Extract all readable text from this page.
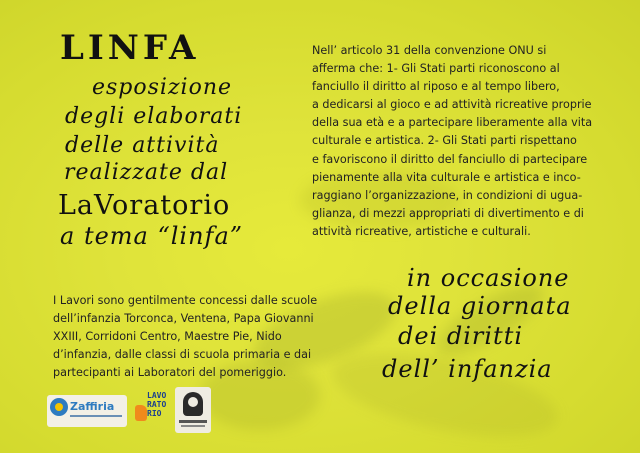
LINFA
esposizione
degli elaborati
delle attività
realizzate dal
LaVoratorio
a tema “linfa”
Nell’ articolo 31 della convenzione ONU si
afferma che: 1- Gli Stati parti riconoscono al
fanciullo il diritto al riposo e al tempo libero,
a dedicarsi al gioco e ad attività ricreative proprie
della sua età e a partecipare liberamente alla vita
culturale e artistica. 2- Gli Stati parti rispettano
e favoriscono il diritto del fanciullo di partecipare
pienamente alla vita culturale e artistica e inco-
raggiano l’organizzazione, in condizioni di ugua-
glianza, di mezzi appropriati di divertimento e di
attività ricreative, artistiche e culturali.
in occasione
della giornata
dei diritti
dell’ infanzia
I Lavori sono gentilmente concessi dalle scuole
dell’infanzia Torconca, Ventena, Papa Giovanni
XXIII, Corridoni Centro, Maestre Pie, Nido
d’infanzia, dalle classi di scuola primaria e dai
partecipanti ai Laboratori del pomeriggio.
Zaffiria
LAVO
RATO
RIO
